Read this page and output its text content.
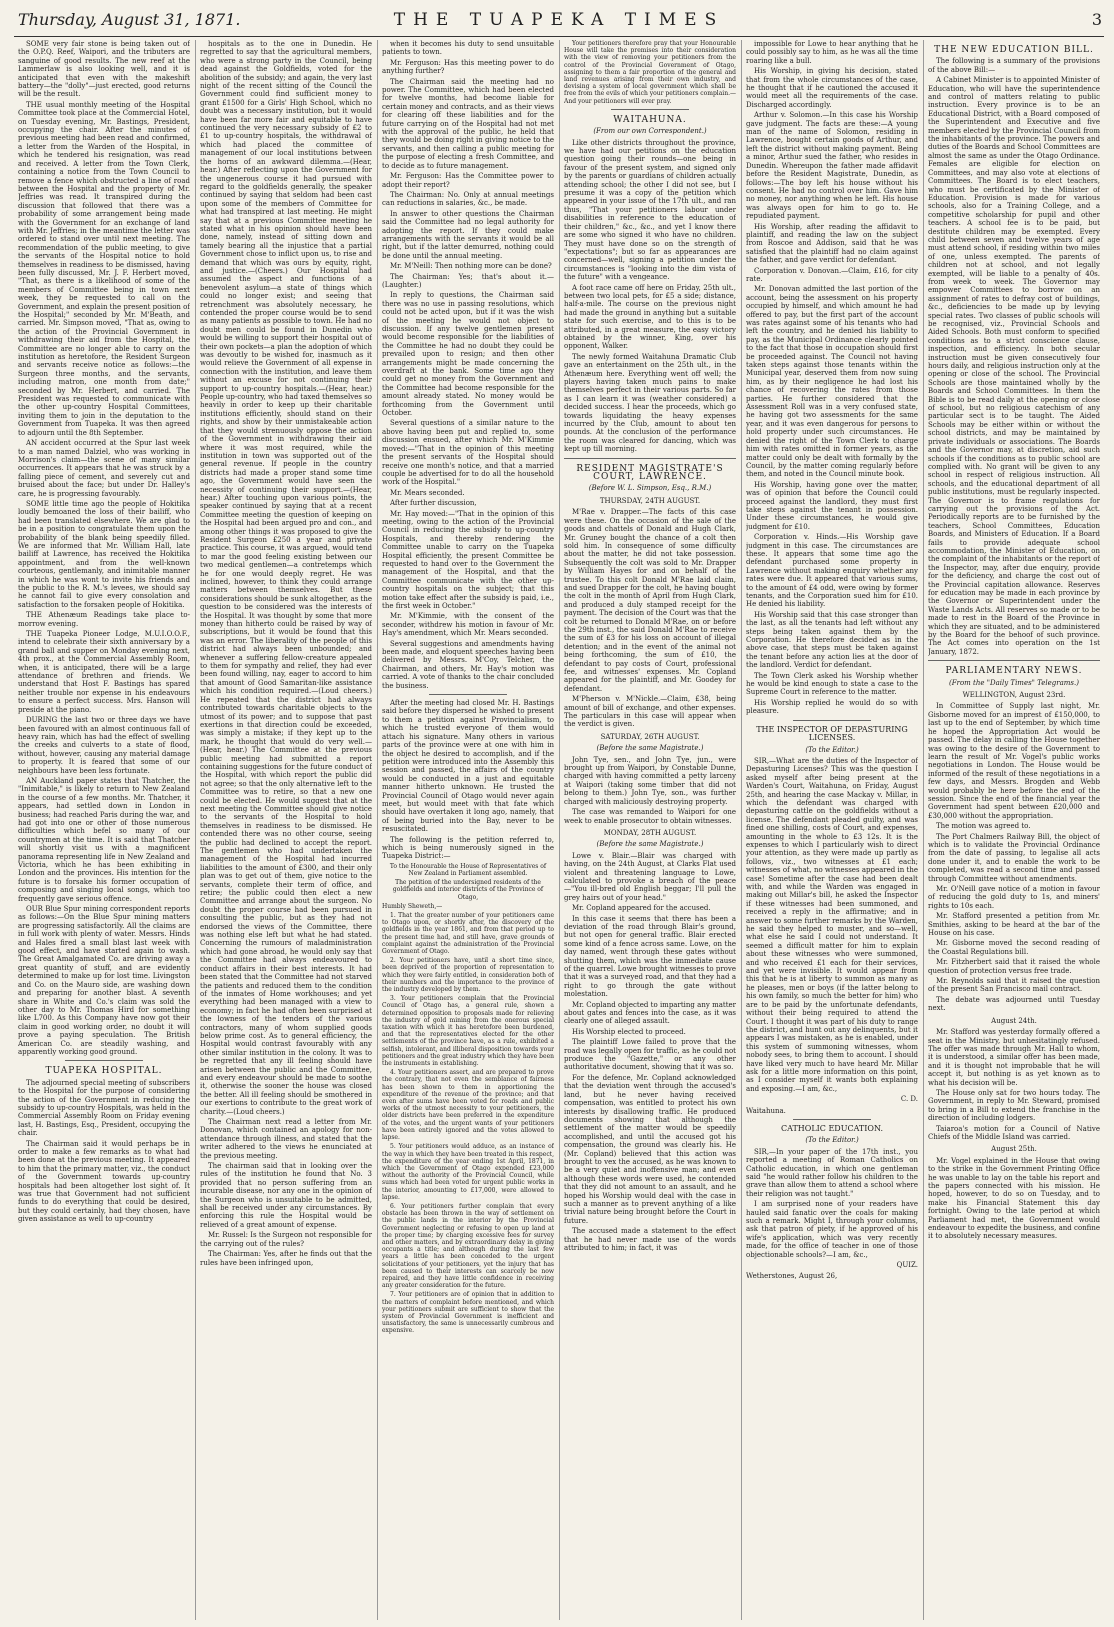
Thursday, August 31, 1871.	THE TUAPEKA TIMES	3

SOME very fair stone is being taken out of the O.P.Q. Reef, Waipori, and the tributers are sanguine of good results. The new reef at the Lammerlaw is also looking well, and it is anticipated that even with the makeshift battery—the "dolly"—just erected, good returns will be the result.

THE usual monthly meeting of the Hospital Committee took place at the Commercial Hotel, on Tuesday evening, Mr. Bastings, President, occupying the chair. After the minutes of previous meeting had been read and confirmed, a letter from the Warden of the Hospital, in which he tendered his resignation, was read and received. A letter from the Town Clerk, containing a notice from the Town Council to remove a fence which obstructed a line of road between the Hospital and the property of Mr. Jeffries was read. It transpired during the discussion that followed that there was a probability of some arrangement being made with the Government for an exchange of land with Mr. Jeffries; in the meantime the letter was ordered to stand over until next meeting. The recommendation of the public meeting, to give the servants of the Hospital notice to hold themselves in readiness to be dismissed, having been fully discussed, Mr. J. F. Herbert moved, "That, as there is a likelihood of some of the members of Committee being in town next week, they be requested to call on the Government, and explain the present position of the Hospital;" seconded by Mr. M'Beath, and carried. Mr. Simpson moved, "That as, owing to the action of the Provincial Government in withdrawing their aid from the Hospital, the Committee are no longer able to carry on the institution as heretofore, the Resident Surgeon and servants receive notice as follows:—the Surgeon three months, and the servants, including matron, one month from date;" seconded by Mr. Herbert, and carried. The President was requested to communicate with the other up-country Hospital Committees, inviting them to join in the deputation to the Government from Tuapeka. It was then agreed to adjourn until the 8th September.

AN accident occurred at the Spur last week to a man named Dalziel, who was working in Morrison's claim—the scene of many similar occurrences. It appears that he was struck by a falling piece of cement, and severely cut and bruised about the face; but under Dr. Halley's care, he is progressing favourably.

SOME little time ago the people of Hokitika loudly bemoaned the loss of their bailiff, who had been translated elsewhere. We are glad to be in a position to congratulate them upon the probability of the blank being speedily filled. We are informed that Mr. William Hall, late bailiff at Lawrence, has received the Hokitika appointment, and from the well-known courteous, gentlemanly, and inimitable manner in which he was wont to invite his friends and the public to the R. M.'s levees, we should say he cannot fail to give every consolation and satisfaction to the forsaken people of Hokitika.

THE Athenæum Readings take place to-morrow evening.

THE Tuapeka Pioneer Lodge, M.U.I.O.O.F., intend to celebrate their sixth anniversary by a grand ball and supper on Monday evening next, 4th prox., at the Commercial Assembly Room, when, it is anticipated, there will be a large attendance of brethren and friends. We understand that Host F. Bastings has spared neither trouble nor expense in his endeavours to ensure a perfect success. Mrs. Hanson will preside at the piano.

DURING the last two or three days we have been favoured with an almost continuous fall of heavy rain, which has had the effect of swelling the creeks and culverts to a state of flood, without, however, causing any material damage to property. It is feared that some of our neighbours have been less fortunate.

AN Auckland paper states that Thatcher, the "Inimitable," is likely to return to New Zealand in the course of a few months. Mr. Thatcher, it appears, had settled down in London in business; had reached Paris during the war, and had got into one or other of those numerous difficulties which befel so many of our countrymen at the time. It is said that Thatcher will shortly visit us with a magnificent panorama representing life in New Zealand and Victoria, which he has been exhibiting in London and the provinces. His intention for the future is to forsake his former occupation of composing and singing local songs, which too frequently gave serious offence.

OUR Blue Spur mining correspondent reports as follows:—On the Blue Spur mining matters are progressing satisfactorily. All the claims are in full work with plenty of water. Messrs. Hinds and Hales fired a small blast last week with good effect, and have started again to wash. The Great Amalgamated Co. are driving away a great quantity of stuff, and are evidently determined to make up for lost time. Livingston and Co. on the Mauro side, are washing down and preparing for another blast. A seventh share in White and Co.'s claim was sold the other day to Mr. Thomas Hird for something like L700. As this Company have now got their claim in good working order, no doubt it will prove a paying speculation. The British American Co. are steadily washing, and apparently working good ground.

TUAPEKA HOSPITAL.

The adjourned special meeting of subscribers to the Hospital for the purpose of considering the action of the Government in reducing the subsidy to up-country Hospitals, was held in the Commercial Assembly Room on Friday evening last, H. Bastings, Esq., President, occupying the chair.

The Chairman said it would perhaps be in order to make a few remarks as to what had been done at the previous meeting. It appeared to him that the primary matter, viz., the conduct of the Government towards up-country hospitals had been altogether lost sight of. It was true that Government had not sufficient funds to do everything that could be desired, but they could certainly, had they chosen, have given assistance as well to up-country

hospitals as to the one in Dunedin. He regretted to say that the agricultural members, who were a strong party in the Council, being dead against the Goldfields, voted for the abolition of the subsidy; and again, the very last night of the recent sitting of the Council the Government could find sufficient money to grant £1500 for a Girls' High School, which no doubt was a necessary institution, but it would have been far more fair and equitable to have continued the very necessary subsidy of £2 to £1 to up-country hospitals, the withdrawal of which had placed the committee of management of our local institutions between the horns of an awkward dilemma.—(Hear, hear.) After reflecting upon the Government for the ungenerous course it had pursued with regard to the goldfields generally, the speaker continued by saying that seldom had been cast upon some of the members of Committee for what had transpired at last meeting. He might say that at a previous Committee meeting he stated what in his opinion should have been done, namely, instead of sitting down and tamely bearing all the injustice that a partial Government chose to inflict upon us, to rise and demand that which was ours by equity, right, and justice.—(Cheers.) Our Hospital had assumed the aspect and functions of a benevolent asylum—a state of things which could no longer exist; and seeing that retrenchment was absolutely necessary, he contended the proper course would be to send as many patients as possible to town. He had no doubt men could be found in Dunedin who would be willing to support their hospital out of their own pockets—a plan the adoption of which was devoutly to be wished for, inasmuch as it would relieve the Government of all expense in connection with the institution, and leave them without an excuse for not continuing their support to up-country hospitals.—(Hear, hear.) People up-country, who had taxed themselves so heavily in order to keep up their charitable institutions efficiently, should stand on their rights, and show by their unmistakeable action that they would strenuously oppose the action of the Government in withdrawing their aid where it was most required, while the institution in town was supported out of the general revenue. If people in the country districts had made a proper stand some time ago, the Government would have seen the necessity of continuing their support.—(Hear, hear.) After touching upon various points, the speaker continued by saying that at a recent Committee meeting the question of keeping on the Hospital had been argued pro and con., and among other things it was proposed to give the Resident Surgeon £250 a year and private practice. This course, it was argued, would tend to mar the good feeling existing between our two medical gentlemen—a contretemps which he for one would deeply regret. He was inclined, however, to think they could arrange matters between themselves. But these considerations should be sunk altogether, as the question to be considered was the interests of the Hospital. It was thought by some that more money than hitherto could be raised by way of subscriptions, but it would be found that this was an error. The liberality of the people of this district had always been unbounded; and whenever a suffering fellow-creature appealed to them for sympathy and relief, they had ever been found willing, nay, eager to accord to him that amount of Good Samaritan-like assistance which his condition required.—(Loud cheers.) He repeated that the district had always contributed towards charitable objects to the utmost of its power; and to suppose that past exertions in that direction could be exceeded, was simply a mistake; if they kept up to the mark, he thought that would do very well.—(Hear, hear.) The Committee at the previous public meeting had submitted a report containing suggestions for the future conduct of the Hospital, with which report the public did not agree; so that the only alternative left to the Committee was to retire, so that a new one could be elected. He would suggest that at the next meeting the Committee should give notice to the servants of the Hospital to hold themselves in readiness to be dismissed. He contended there was no other course, seeing the public had declined to accept the report. The gentlemen who had undertaken the management of the Hospital had incurred liabilities to the amount of £300, and their only plan was to get out of them, give notice to the servants, complete their term of office, and retire; the public could then elect a new Committee and arrange about the surgeon. No doubt the proper course had been pursued in consulting the public, but as they had not endorsed the views of the Committee, there was nothing else left but what he had stated. Concerning the rumours of maladministration which had gone abroad, he would only say that the Committee had always endeavoured to conduct affairs in their best interests. It had been stated that the Committee had not starved the patients and reduced them to the condition of the inmates of Home workhouses; and yet everything had been managed with a view to economy; in fact he had often been surprised at the lowness of the tenders of the various contractors, many of whom supplied goods below prime cost. As to general efficiency, the Hospital would contrast favourably with any other similar institution in the colony. It was to be regretted that any ill feeling should have arisen between the public and the Committee, and every endeavour should be made to soothe it, otherwise the sooner the house was closed the better. All ill feeling should be smothered in our exertions to contribute to the great work of charity.—(Loud cheers.)

The Chairman next read a letter from Mr. Donovan, which contained an apology for non-attendance through illness, and stated that the writer adhered to the views he enunciated at the previous meeting.

The chairman said that in looking over the rules of the institution he found that No. 3 provided that no person suffering from an incurable disease, nor any one in the opinion of the Surgeon who is unsuitable to be admitted, shall be received under any circumstances. By enforcing this rule the Hospital would be relieved of a great amount of expense.

Mr. Russel: Is the Surgeon not responsible for the carrying out of the rules?

The Chairman: Yes, after he finds out that the rules have been infringed upon,

when it becomes his duty to send unsuitable patients to town.

Mr. Ferguson: Has this meeting power to do anything further?

The Chairman said the meeting had no power. The Committee, which had been elected for twelve months, had become liable for certain money and contracts, and as their views for clearing off these liabilities and for the future carrying on of the Hospital had not met with the approval of the public, he held that they would be doing right in giving notice to the servants, and then calling a public meeting for the purpose of electing a fresh Committee, and to decide as to future management.

Mr. Ferguson: Has the Committee power to adopt their report?

The Chairman: No. Only at annual meetings can reductions in salaries, &c., be made.

In answer to other questions the Chairman said the Committee had no legal authority for adopting the report. If they could make arrangements with the servants it would be all right, but if the latter demurred, nothing could be done until the annual meeting.

Mr. M'Neill: Then nothing more can be done?

The Chairman: Yes; that's about it.—(Laughter.)

In reply to questions, the Chairman said there was no use in passing resolutions, which could not be acted upon, but if it was the wish of the meeting he would not object to discussion. If any twelve gentlemen present would become responsible for the liabilities of the Committee he had no doubt they could be prevailed upon to resign; and then other arrangements might be made concerning the overdraft at the bank. Some time ago they could get no money from the Government and the Committee had become responsible for the amount already stated. No money would be forthcoming from the Government until October.

Several questions of a similar nature to the above having been put and replied to, some discussion ensued, after which Mr. M'Kimmie moved:—"That in the opinion of this meeting the present servants of the Hospital should receive one month's notice, and that a married couple be advertised for to do all the household work of the Hospital."

Mr. Mears seconded.

After further discussion,

Mr. Hay moved:—"That in the opinion of this meeting, owing to the action of the Provincial Council in reducing the subsidy to up-country Hospitals, and thereby rendering the Committee unable to carry on the Tuapeka Hospital efficiently, the present Committee be requested to hand over to the Government the management of the Hospital, and that the Committee communicate with the other up-country hospitals on the subject; that this motion take effect after the subsidy is paid, i.e., the first week in October."

Mr. M'Kimmie, with the consent of the seconder, withdrew his motion in favour of Mr. Hay's amendment, which Mr. Mears seconded.

Several suggestions and amendments having been made, and eloquent speeches having been delivered by Messrs. M'Coy, Telcher, the Chairman, and others, Mr. Hay's motion was carried. A vote of thanks to the chair concluded the business.

After the meeting had closed Mr. H. Bastings said before they dispersed he wished to present to them a petition against Provincialism, to which he trusted everyone of them would attach his signature. Many others in various parts of the province were at one with him in the object he desired to accomplish, and if the petition were introduced into the Assembly this session and passed, the affairs of the country would be conducted in a just and equitable manner hitherto unknown. He trusted the Provincial Council of Otago would never again meet, but would meet with that fate which should have overtaken it long ago, namely, that of being buried into the Bay, never to be resuscitated.

The following is the petition referred to, which is being numerously signed in the Tuapeka District:—

To the Honourable the House of Representatives of New Zealand in Parliament assembled.

The petition of the undersigned residents of the goldfields and interior districts of the Province of Otago,

Humbly Sheweth,—

1. That the greater number of your petitioners came to Otago upon, or shortly after, the discovery of the goldfields in the year 1861, and from that period up to the present time had, and still have, grave grounds of complaint against the administration of the Provincial Government of Otago.

2. Your petitioners have, until a short time since, been deprived of the proportion of representation to which they were fairly entitled, in consideration both of their numbers and the importance to the province of the industry developed by them.

3. Your petitioners complain that the Provincial Council of Otago has, a general rule, shown a determined opposition to proposals made for relieving the industry of gold mining from the onerous special taxation with which it has heretofore been burdened, and that the representatives elected for the other settlements of the province have, as a rule, exhibited a selfish, intolerant, and illiberal disposition towards your petitioners and the great industry which they have been the instruments in establishing.

4. Your petitioners assert, and are prepared to prove the contrary, that not even the semblance of fairness has been shown to them in apportioning the expenditure of the revenue of the province; and that even after sums have been voted for roads and public works of the utmost necessity to your petitioners, the older districts have been preferred in the expenditure of the votes, and the urgent wants of your petitioners have been entirely ignored and the votes allowed to lapse.

5. Your petitioners would adduce, as an instance of the way in which they have been treated in this respect, the expenditure of the year ending 1st April, 1871, in which the Government of Otago expended £23,000 without the authority of the Provincial Council, while sums which had been voted for urgent public works in the interior, amounting to £17,000, were allowed to lapse.

6. Your petitioners further complain that every obstacle has been thrown in the way of settlement on the public lands in the interior by the Provincial Government neglecting or refusing to open up land at the proper time; by charging excessive fees for survey and other matters, and by extraordinary delay in giving occupants a title; and although during the last few years a little has been conceded to the urgent solicitations of your petitioners, yet the injury that has been caused to their interests can scarcely be now repaired, and they have little confidence in receiving any greater consideration for the future.

7. Your petitioners are of opinion that in addition to the matters of complaint before mentioned, and which your petitioners submit are sufficient to show that the system of Provincial Government is inefficient and unsatisfactory, the same is unnecessarily cumbrous and expensive.

Your petitioners therefore pray that your Honourable House will take the premises into their consideration with the view of removing your petitioners from the control of the Provincial Government of Otago, assigning to them a fair proportion of the general and land revenues arising from their own industry, and devising a system of local government which shall be free from the evils of which your petitioners complain.—And your petitioners will ever pray.

WAITAHUNA.
(From our own Correspondent.)

Like other districts throughout the province, we have had our petitions on the education question going their rounds—one being in favour of the present system, and signed only by the parents or guardians of children actually attending school; the other I did not see, but I presume it was a copy of the petition which appeared in your issue of the 17th ult., and ran thus, "That your petitioners labour under disabilities in reference to the education of their children," &c., &c., and yet I know there are some who signed it who have no children. They must have done so on the strength of "expectations"; but so far as appearances are concerned—well, signing a petition under the circumstances is "looking into the dim vista of the future" with a vengeance.

A foot race came off here on Friday, 25th ult., between two local pets, for £5 a side; distance, half-a-mile. The course on the previous night had made the ground in anything but a suitable state for such exercise, and to this is to be attributed, in a great measure, the easy victory obtained by the winner, King, over his opponent, Walker.

The newly formed Waitahuna Dramatic Club gave an entertainment on the 25th ult., in the Athenæum here. Everything went off well; the players having taken much pains to make themselves perfect in their various parts. So far as I can learn it was (weather considered) a decided success. I hear the proceeds, which go towards liquidating the heavy expenses incurred by the Club, amount to about ten pounds. At the conclusion of the performance the room was cleared for dancing, which was kept up till morning.

RESIDENT MAGISTRATE'S COURT, LAWRENCE.
(Before W. L. Simpson, Esq., R.M.)
THURSDAY, 24TH AUGUST.

M'Rae v. Drapper.—The facts of this case were these. On the occasion of the sale of the goods and chattels of Donald and Hugh Clark, Mr. Gruney bought the chance of a colt then sold him. In consequence of some difficulty about the matter, he did not take possession. Subsequently the colt was sold to Mr. Drapper by William Hayes for and on behalf of the trustee. To this colt Donald M'Rae laid claim, and sued Drapper for the colt, he having bought the colt in the month of April from Hugh Clark, and produced a duly stamped receipt for the payment. The decision of the Court was that the colt be returned to Donald M'Rae, on or before the 29th inst., the said Donald M'Rae to receive the sum of £3 for his loss on account of illegal detention; and in the event of the animal not being forthcoming, the sum of £10, the defendant to pay costs of Court, professional fee, and witnesses' expenses. Mr. Copland appeared for the plaintiff, and Mr. Goodey for defendant.

M'Pherson v. M'Nickle.—Claim, £38, being amount of bill of exchange, and other expenses. The particulars in this case will appear when the verdict is given.

SATURDAY, 26TH AUGUST.
(Before the same Magistrate.)

John Tye, sen., and John Tye, jun., were brought up from Waipori, by Constable Dunne, charged with having committed a petty larceny at Waipori (taking some timber that did not belong to them.) John Tye, son., was further charged with maliciously destroying property.

The case was remanded to Waipori for one week to enable prosecutor to obtain witnesses.

MONDAY, 28TH AUGUST.
(Before the same Magistrate.)

Lowe v. Blair.—Blair was charged with having, on the 24th August, at Clarks Flat used violent and threatening language to Lowe, calculated to provoke a breach of the peace—"You ill-bred old English beggar; I'll pull the grey hairs out of your head."

Mr. Copland appeared for the accused.

In this case it seems that there has been a deviation of the road through Blair's ground, but not open for general traffic. Blair erected some kind of a fence across same. Lowe, on the day named, went through these gates without shutting them, which was the immediate cause of the quarrel. Lowe brought witnesses to prove that it was a surveyed road, and that they had a right to go through the gate without molestation.

Mr. Copland objected to imparting any matter about gates and fences into the case, as it was clearly one of alleged assault.

His Worship elected to proceed.

The plaintiff Lowe failed to prove that the road was legally open for traffic, as he could not produce the "Gazette," or any other authoritative document, showing that it was so.

For the defence, Mr. Copland acknowledged that the deviation went through the accused's land, but he never having received compensation, was entitled to protect his own interests by disallowing traffic. He produced documents showing that although the settlement of the matter would be speedily accomplished, and until the accused got his compensation, the ground was clearly his. He (Mr. Copland) believed that this action was brought to vex the accused, as he was known to be a very quiet and inoffensive man; and even although these words were used, he contended that they did not amount to an assault, and he hoped his Worship would deal with the case in such a manner as to prevent anything of a like trivial nature being brought before the Court in future.

The accused made a statement to the effect that he had never made use of the words attributed to him; in fact, it was

impossible for Lowe to hear anything that he could possibly say to him, as he was all the time roaring like a bull.

His Worship, in giving his decision, stated that from the whole circumstances of the case, he thought that if he cautioned the accused it would meet all the requirements of the case. Discharged accordingly.

Arthur v. Solomon.—In this case his Worship gave judgment. The facts are these:—A young man of the name of Solomon, residing in Lawrence, bought certain goods of Arthur, and left the district without making payment. Being a minor, Arthur sued the father, who resides in Dunedin. Whereupon the father made affidavit before the Resident Magistrate, Dunedin, as follows:—The boy left his house without his consent. He had no control over him. Gave him no money, nor anything when he left. His house was always open for him to go to. He repudiated payment.

His Worship, after reading the affidavit to plaintiff, and reading the law on the subject from Roscoe and Addison, said that he was satisfied that the plaintiff had no claim against the father, and gave verdict for defendant.

Corporation v. Donovan.—Claim, £16, for city rate.

Mr. Donovan admitted the last portion of the account, being the assessment on his property occupied by himself, and which amount he had offered to pay, but the first part of the account was rates against some of his tenants who had left the country, and he denied his liability to pay, as the Municipal Ordinance clearly pointed to the fact that those in occupation should first be proceeded against. The Council not having taken steps against those tenants within the Municipal year, deserved them from now suing him, as by their negligence he had lost his chance of recovering the rates from those parties. He further considered that the Assessment Roll was in a very confused state, he having got two assessments for the same year, and it was even dangerous for persons to hold property under such circumstances. He denied the right of the Town Clerk to charge him with rates omitted in former years, as the matter could only be dealt with formally by the Council, by the matter coming regularly before them, and noted in the Council minute book.

His Worship, having gone over the matter, was of opinion that before the Council could proceed against the landlord, they must first take steps against the tenant in possession. Under these circumstances, he would give judgment for £10.

Corporation v. Hinds.—His Worship gave judgment in this case. The circumstances are these. It appears that some time ago the defendant purchased some property in Lawrence without making enquiry whether any rates were due. It appeared that various sums, to the amount of £4 odd, were owing by former tenants, and the Corporation sued him for £10. He denied his liability.

His Worship said that this case stronger than the last, as all the tenants had left without any steps being taken against them by the Corporation. He therefore decided as in the above case, that steps must be taken against the tenant before any action lies at the door of the landlord. Verdict for defendant.

The Town Clerk asked his Worship whether he would be kind enough to state a case to the Supreme Court in reference to the matter.

His Worship replied he would do so with pleasure.

THE INSPECTOR OF DEPASTURING LICENSES.
(To the Editor.)

SIR,—What are the duties of the Inspector of Depasturing Licenses? This was the question I asked myself after being present at the Warden's Court, Waitahuna, on Friday, August 25th, and hearing the case Mackay v. Millar, in which the defendant was charged with depasturing cattle on the goldfields without a license. The defendant pleaded guilty, and was fined one shilling, costs of Court, and expenses, amounting in the whole to £3 12s. It is the expenses to which I particularly wish to direct your attention, as they were made up partly as follows, viz., two witnesses at £1 each; witnesses of what, no witnesses appeared in the case! Sometime after the case had been dealt with, and while the Warden was engaged in making out Millar's bill, he asked the Inspector if these witnesses had been summoned, and received a reply in the affirmative; and in answer to some further remarks by the Warden, he said they helped to muster, and so—well, what else he said I could not understand. It seemed a difficult matter for him to explain about these witnesses who were summoned, and who received £1 each for their services, and yet were invisible. It would appear from this that he is at liberty to summon as many as he pleases, men or boys (if the latter belong to his own family, so much the better for him) who are to be paid by the unfortunate defendants, without their being required to attend the Court. I thought it was part of his duty to range the district, and hunt out any delinquents, but it appears I was mistaken, as he is enabled, under this system of summoning witnesses, whom nobody sees, to bring them to account. I should have liked very much to have heard Mr. Millar ask for a little more information on this point, as I consider myself it wants both explaining and exposing.—I am, &c.,

C. D.

Waitahuna.

CATHOLIC EDUCATION.
(To the Editor.)

SIR,—In your paper of the 17th inst., you reported a meeting of Roman Catholics on Catholic education, in which one gentleman said "he would rather follow his children to the grave than allow them to attend a school where their religion was not taught."

I am surprised none of your readers have hauled said fanatic over the coals for making such a remark. Might I, through your columns, ask that patron of piety, if he approved of his wife's application, which was very recently made, for the office of teacher in one of those objectionable schools?—I am, &c.,

QUIZ.

Wetherstones, August 26,

THE NEW EDUCATION BILL.

The following is a summary of the provisions of the above Bill:—

A Cabinet Minister is to appointed Minister of Education, who will have the superintendence and control of matters relating to public instruction. Every province is to be an Educational District, with a Board composed of the Superintendent and Executive and five members elected by the Provincial Council from the inhabitants of the province. The powers and duties of the Boards and School Committees are almost the same as under the Otago Ordinance. Females are eligible for election on Committees, and may also vote at elections of Committees. The Board is to elect teachers, who must be certificated by the Minister of Education. Provision is made for various schools, also for a Training College, and a competitive scholarship for pupil and other teachers. A school fee is to be paid, but destitute children may be exempted. Every child between seven and twelve years of age must attend school, if residing within two miles of one, unless exempted. The parents of children not at school, and not legally exempted, will be liable to a penalty of 40s. from week to week. The Governor may empower Committees to borrow on an assignment of rates to defray cost of buildings, &c., deficiencies to be made up by levying special rates. Two classes of public schools will be recognised, viz., Provincial Schools and Aided Schools. Both must conform to specified conditions as to a strict conscience clause, inspection, and efficiency. In both secular instruction must be given consecutively four hours daily, and religious instruction only at the opening or close of the school. The Provincial Schools are those maintained wholly by the Boards and School Committees. In them the Bible is to be read daily at the opening or close of school, but no religious catechism of any particular sect is to be taught. The Aided Schools may be either within or without the school districts, and may be maintained by private individuals or associations. The Boards and the Governor may, at discretion, aid such schools if the conditions as to public school are complied with. No grant will be given to any school in respect of religious instruction. All schools, and the educational department of all public institutions, must be regularly inspected. The Governor is to frame regulations for carrying out the provisions of the Act. Periodically reports are to be furnished by the teachers, School Committees, Education Boards, and Ministers of Education. If a Board fails to provide adequate school accommodation, the Minister of Education, on the complaint of the inhabitants or the report of the Inspector, may, after due enquiry, provide for the deficiency, and charge the cost out of the Provincial capitation allowance. Reserves for education may be made in each province by the Governor or Superintendent under the Waste Lands Acts. All reserves so made or to be made to rest in the Board of the Province in which they are situated, and to be administered by the Board for the behoof of such province. The Act comes into operation on the 1st January, 1872.

PARLIAMENTARY NEWS.
(From the "Daily Times" Telegrams.)
WELLINGTON, August 23rd.

In Committee of Supply last night, Mr. Gisborne moved for an imprest of £150,000, to last up to the end of September, by which time he hoped the Appropriation Act would be passed. The delay in calling the House together was owing to the desire of the Government to learn the result of Mr. Vogel's public works negotiations in London. The House would be informed of the result of these negotiations in a few days, and Messrs. Brogden and Webb would probably be here before the end of the session. Since the end of the financial year the Government had spent between £20,000 and £30,000 without the appropriation.

The motion was agreed to.

The Port Chalmers Railway Bill, the object of which is to validate the Provincial Ordinance from the date of passing, to legalise all acts done under it, and to enable the work to be completed, was read a second time and passed through Committee without amendments.

Mr. O'Neill gave notice of a motion in favour of reducing the gold duty to 1s, and miners' rights to 10s each.

Mr. Stafford presented a petition from Mr. Smithies, asking to be heard at the bar of the House on his case.

Mr. Gisborne moved the second reading of the Coastal Regulations bill.

Mr. Fitzherbert said that it raised the whole question of protection versus free trade.

Mr. Reynolds said that it raised the question of the present San Francisco mail contract.

The debate was adjourned until Tuesday next.

August 24th.

Mr. Stafford was yesterday formally offered a seat in the Ministry, but unhesitatingly refused. The offer was made through Mr. Hall to whom, it is understood, a similar offer has been made, and it is thought not improbable that he will accept it, but nothing is as yet known as to what his decision will be.

The House only sat for two hours today. The Government, in reply to Mr. Steward, promised to bring in a Bill to extend the franchise in the direction of including lodgers.

Taiaroa's motion for a Council of Native Chiefs of the Middle Island was carried.

August 25th.

Mr. Vogel explained in the House that owing to the strike in the Government Printing Office he was unable to lay on the table his report and the papers connected with his mission. He hoped, however, to do so on Tuesday, and to make his Financial Statement this day fortnight. Owing to the late period at which Parliament had met, the Government would endeavour to expedite the business, and confine it to absolutely necessary measures.
